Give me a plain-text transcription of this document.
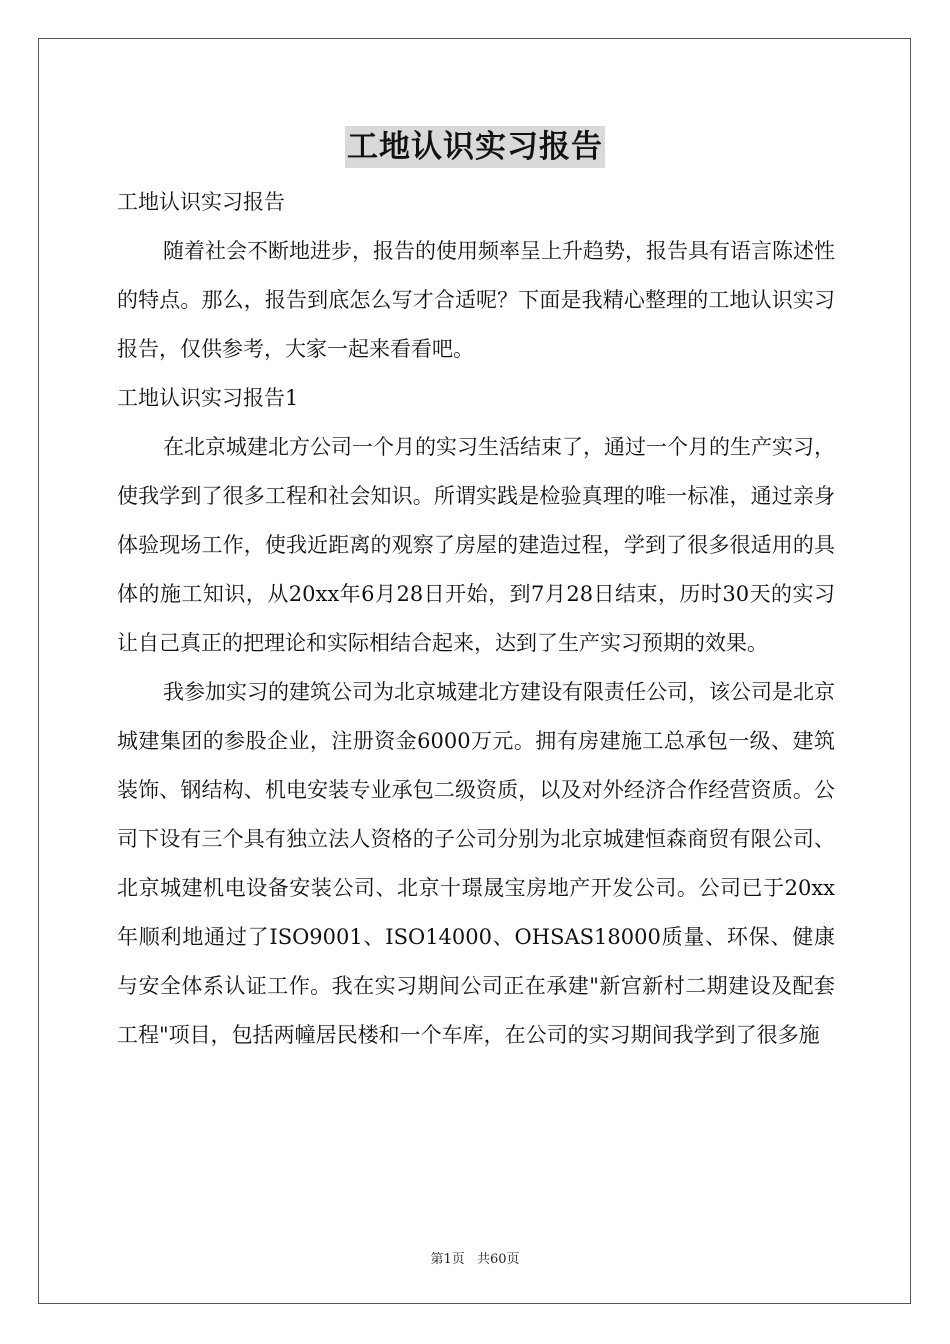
工地认识实习报告

工地认识实习报告

随着社会不断地进步，报告的使用频率呈上升趋势，报告具有语言陈述性的特点。那么，报告到底怎么写才合适呢？下面是我精心整理的工地认识实习报告，仅供参考，大家一起来看看吧。

工地认识实习报告1

在北京城建北方公司一个月的实习生活结束了，通过一个月的生产实习，使我学到了很多工程和社会知识。所谓实践是检验真理的唯一标准，通过亲身体验现场工作，使我近距离的观察了房屋的建造过程，学到了很多很适用的具体的施工知识，从20xx年6月28日开始，到7月28日结束，历时30天的实习让自己真正的把理论和实际相结合起来，达到了生产实习预期的效果。

我参加实习的建筑公司为北京城建北方建设有限责任公司，该公司是北京城建集团的参股企业，注册资金6000万元。拥有房建施工总承包一级、建筑装饰、钢结构、机电安装专业承包二级资质，以及对外经济合作经营资质。公司下设有三个具有独立法人资格的子公司分别为北京城建恒森商贸有限公司、北京城建机电设备安装公司、北京十璟晟宝房地产开发公司。公司已于20xx年顺利地通过了ISO9001、ISO14000、OHSAS18000质量、环保、健康与安全体系认证工作。我在实习期间公司正在承建"新宫新村二期建设及配套工程"项目，包括两幢居民楼和一个车库，在公司的实习期间我学到了很多施

第1页 共60页
